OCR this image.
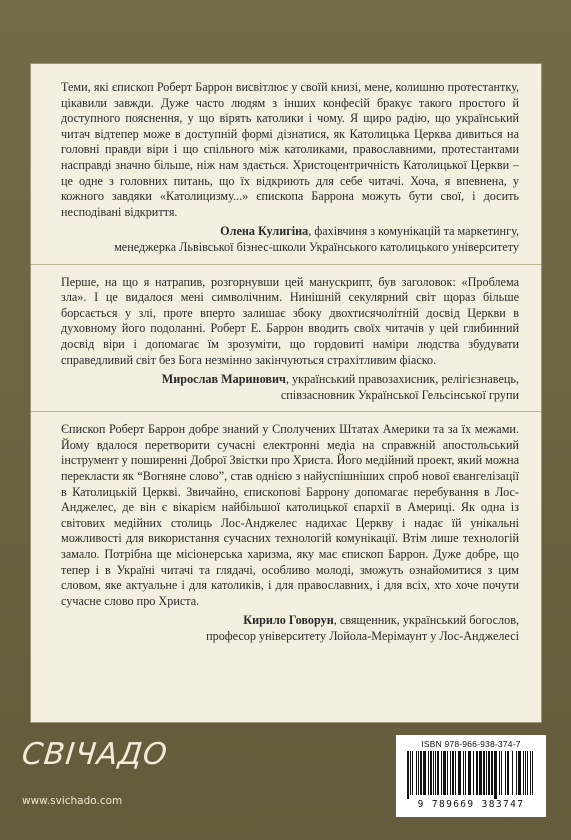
Теми, які єпископ Роберт Баррон висвітлює у своїй книзі, мене, колишню протестантку, цікавили завжди. Дуже часто людям з інших конфесій бракує такого простого й доступного пояснення, у що вірять католики і чому. Я щиро радію, що український читач відтепер може в доступній формі дізнатися, як Католицька Церква дивиться на головні правди віри і що спільного між католиками, православними, протестантами насправді значно більше, ніж нам здається. Христоцентричність Католицької Церкви – це одне з головних питань, що їх відкриють для себе читачі. Хоча, я впевнена, у кожного завдяки «Католицизму...» єпископа Баррона можуть бути свої, і досить несподівані відкриття.

Олена Кулигіна, фахівчиня з комунікацій та маркетингу,
менеджерка Львівської бізнес-школи Українського католицького університету

Перше, на що я натрапив, розгорнувши цей манускрипт, був заголовок: «Проблема зла». І це видалося мені символічним. Нинішній секулярний світ щораз більше борсається у злі, проте вперто залишає збоку двохтисячолітній досвід Церкви в духовному його подоланні. Роберт Е. Баррон вводить своїх читачів у цей глибинний досвід віри і допомагає їм зрозуміти, що гордовиті наміри людства збудувати справедливий світ без Бога незмінно закінчуються страхітливим фіаско.

Мирослав Маринович, український правозахисник, релігієзнавець,
співзасновник Української Гельсінської групи

Єпископ Роберт Баррон добре знаний у Сполучених Штатах Америки та за їх межами. Йому вдалося перетворити сучасні електронні медіа на справжній апостольський інструмент у поширенні Доброї Звістки про Христа. Його медійний проект, який можна перекласти як “Вогняне слово”, став однією з найуспішніших спроб нової євангелізації в Католицькій Церкві. Звичайно, єпископові Баррону допомагає перебування в Лос-Анджелес, де він є вікарієм найбільшої католицької єпархії в Америці. Як одна із світових медійних столиць Лос-Анджелес надихає Церкву і надає їй унікальні можливості для використання сучасних технологій комунікації. Втім лише технологій замало. Потрібна ще місіонерська харизма, яку має єпископ Баррон. Дуже добре, що тепер і в Україні читачі та глядачі, особливо молоді, зможуть ознайомитися з цим словом, яке актуальне і для католиків, і для православних, і для всіх, хто хоче почути сучасне слово про Христа.

Кирило Говорун, священник, український богослов,
професор університету Лойола-Мерімаунт у Лос-Анджелесі
СВІЧАДО
www.svichado.com
ISBN 978-966-938-374-7
9 789669 383747
